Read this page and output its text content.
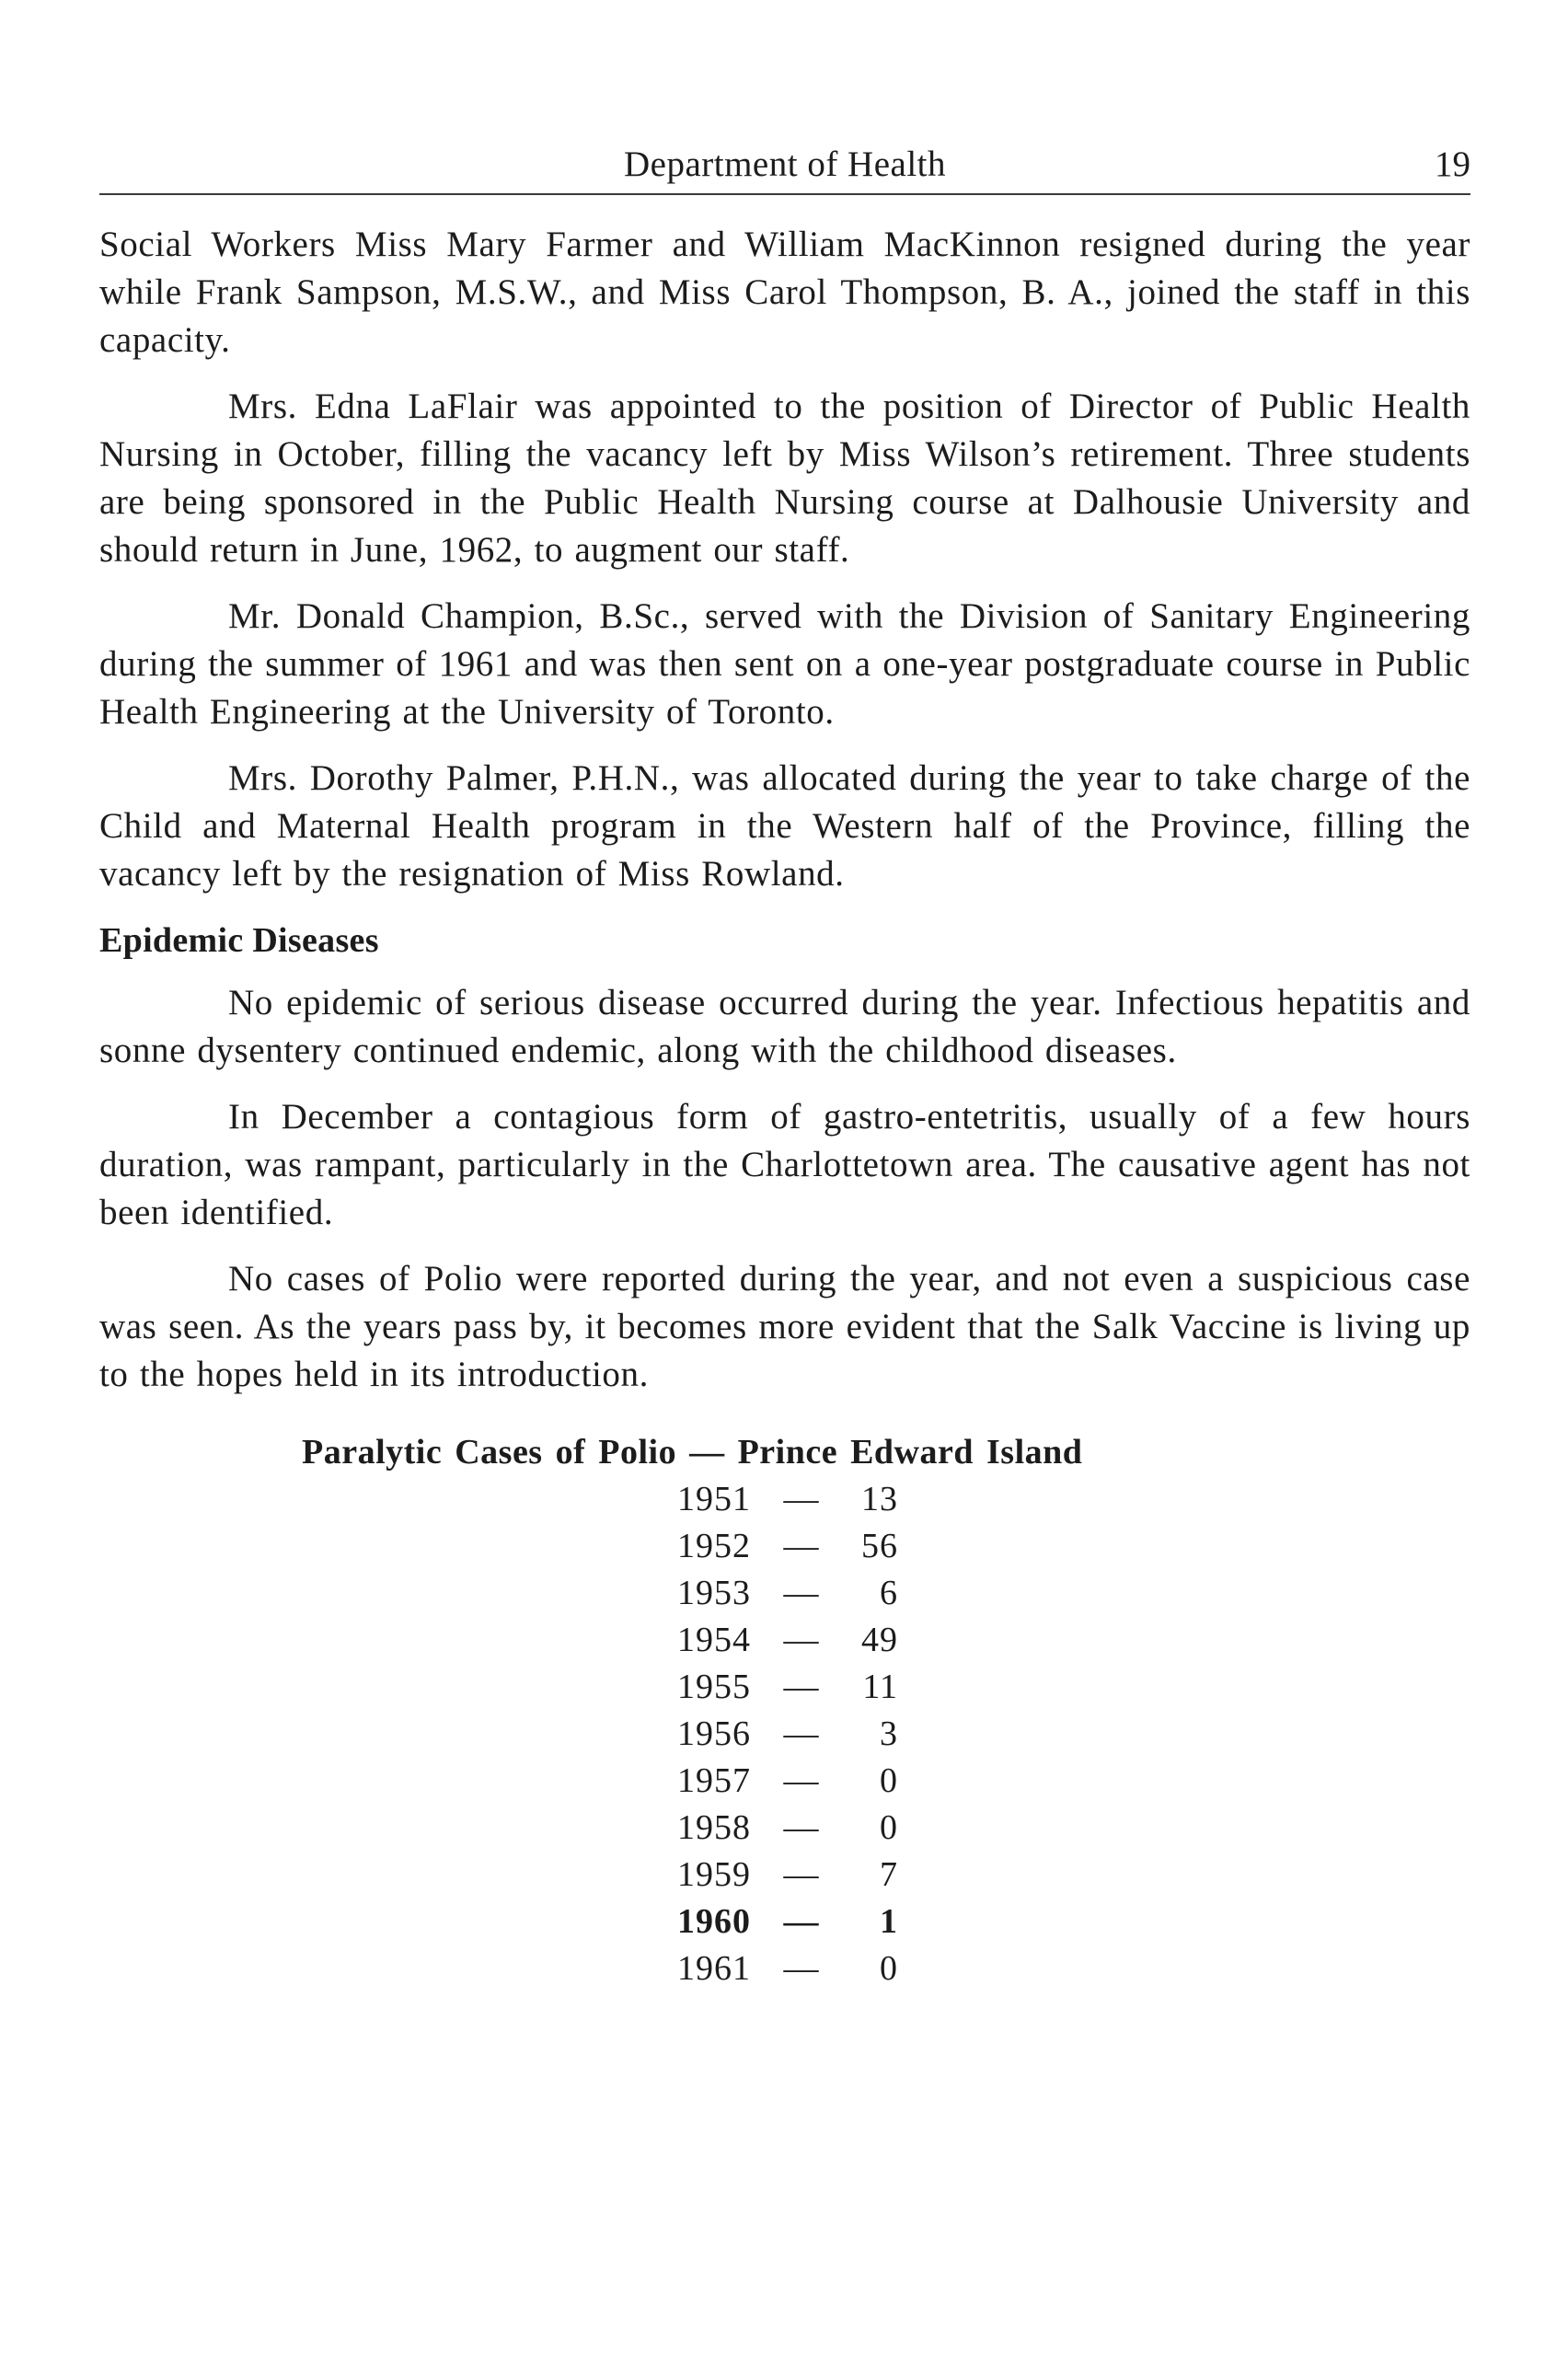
Department of Health	19

Social Workers Miss Mary Farmer and William MacKinnon resigned during the year while Frank Sampson, M.S.W., and Miss Carol Thompson, B. A., joined the staff in this capacity.

Mrs. Edna LaFlair was appointed to the position of Director of Public Health Nursing in October, filling the vacancy left by Miss Wilson’s retirement. Three students are being sponsored in the Public Health Nursing course at Dalhousie University and should return in June, 1962, to augment our staff.

Mr. Donald Champion, B.Sc., served with the Division of Sanitary Engineering during the summer of 1961 and was then sent on a one-year postgraduate course in Public Health Engineering at the University of Toronto.

Mrs. Dorothy Palmer, P.H.N., was allocated during the year to take charge of the Child and Maternal Health program in the Western half of the Province, filling the vacancy left by the resignation of Miss Rowland.

Epidemic Diseases

No epidemic of serious disease occurred during the year. Infectious hepatitis and sonne dysentery continued endemic, along with the childhood diseases.

In December a contagious form of gastro-entetritis, usually of a few hours duration, was rampant, particularly in the Charlottetown area. The causative agent has not been identified.

No cases of Polio were reported during the year, and not even a suspicious case was seen. As the years pass by, it becomes more evident that the Salk Vaccine is living up to the hopes held in its introduction.

Paralytic Cases of Polio — Prince Edward Island
1951 —	13
1952 —	56
1953 —	6
1954 —	49
1955 —	11
1956 —	3
1957 —	0
1958 —	0
1959 —	7
1960 —	1
1961 —	0
